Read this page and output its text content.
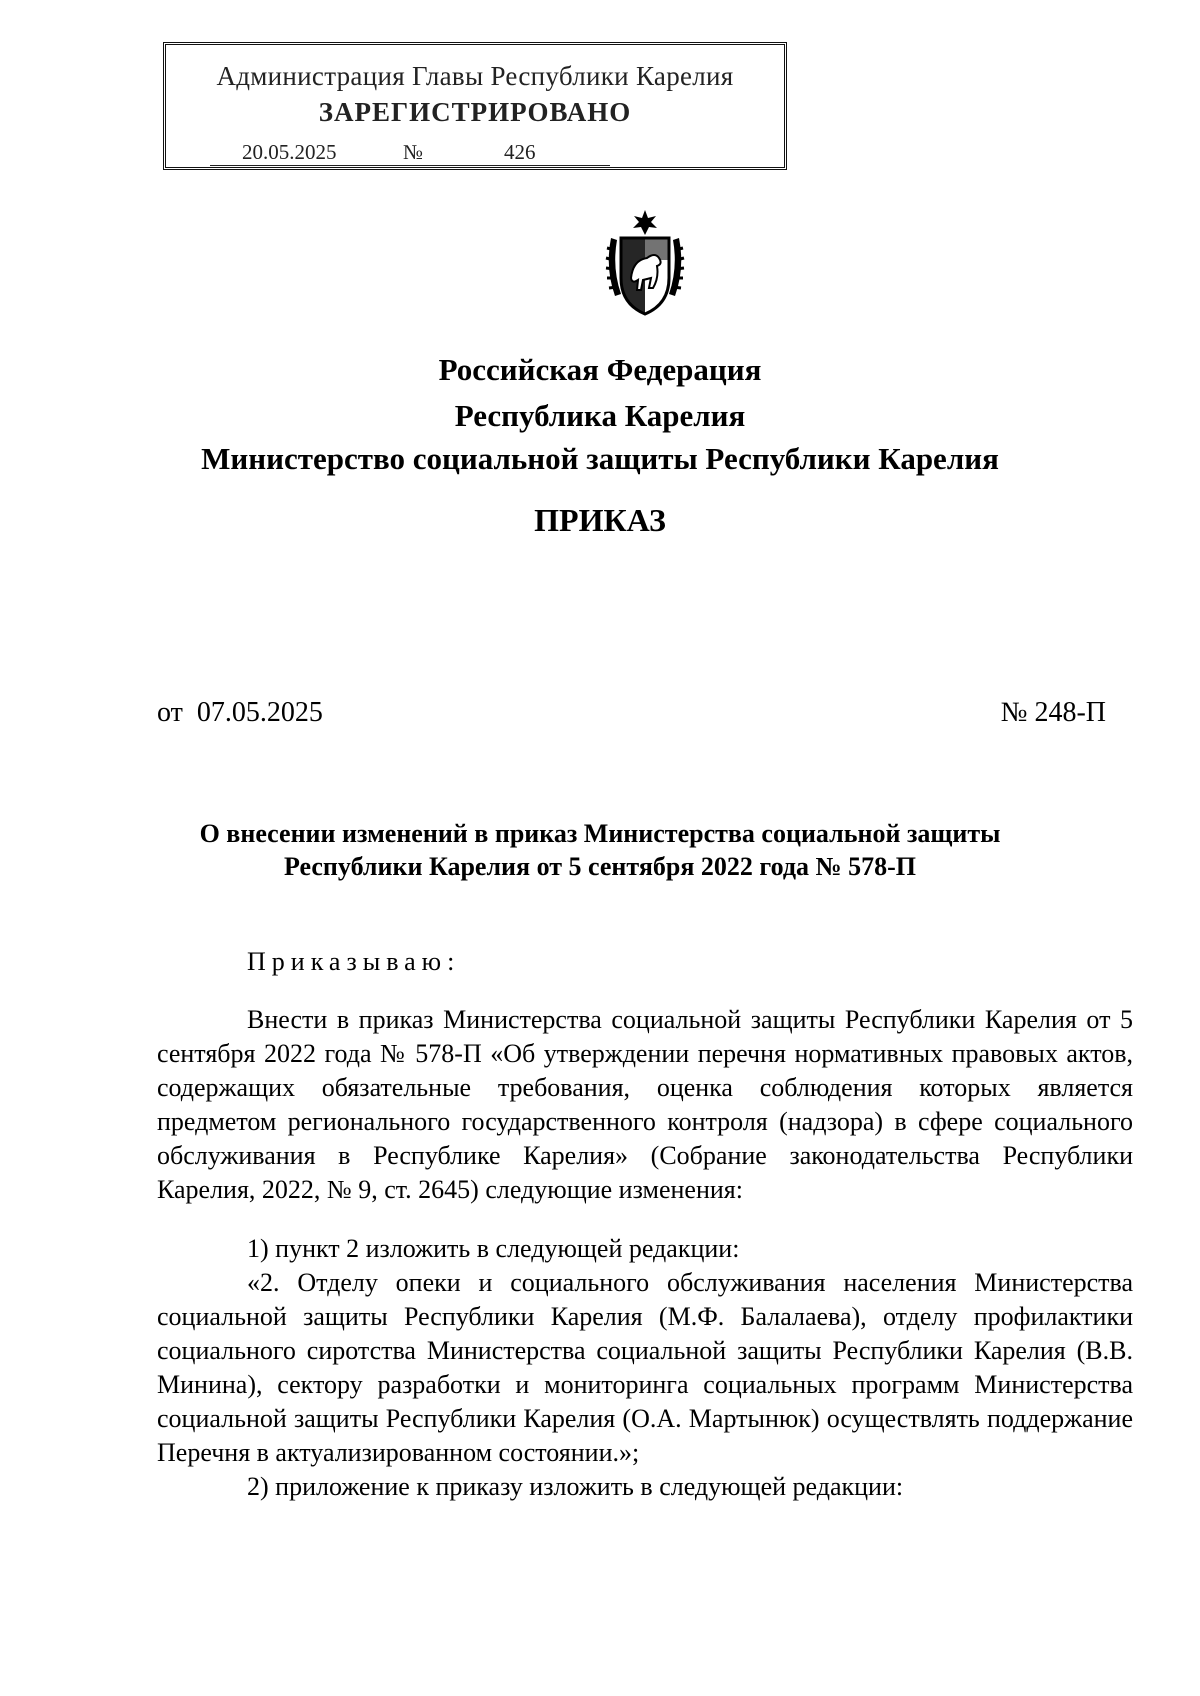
Администрация Главы Республики Карелия
ЗАРЕГИСТРИРОВАНО
20.05.2025	№	426
Российская Федерация
Республика Карелия
Министерство социальной защиты Республики Карелия
ПРИКАЗ
от  07.05.2025	№ 248-П
О внесении изменений в приказ Министерства социальной защиты
Республики Карелия от 5 сентября 2022 года № 578-П
Приказываю:

Внести в приказ Министерства социальной защиты Республики Карелия от 5 сентября 2022 года № 578-П «Об утверждении перечня нормативных правовых актов, содержащих обязательные требования, оценка соблюдения которых является предметом регионального государственного контроля (надзора) в сфере социального обслуживания в Республике Карелия» (Собрание законодательства Республики Карелия, 2022, № 9, ст. 2645) следующие изменения:

1) пункт 2 изложить в следующей редакции:

«2. Отделу опеки и социального обслуживания населения Министерства социальной защиты Республики Карелия (М.Ф. Балалаева), отделу профилактики социального сиротства Министерства социальной защиты Республики Карелия (В.В. Минина), сектору разработки и мониторинга социальных программ Министерства социальной защиты Республики Карелия (О.А. Мартынюк) осуществлять поддержание Перечня в актуализированном состоянии.»;

2) приложение к приказу изложить в следующей редакции:
